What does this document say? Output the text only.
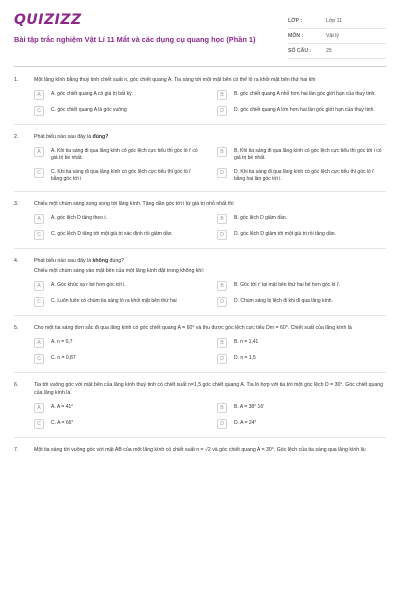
QUIZIZZ
Bài tập trắc nghiệm Vật Lí 11 Mắt và các dụng cụ quang học (Phần 1)
LỚP :	Lớp 11
MÔN :	Vật lý
SỐ CÂU :	25
1.	Một lăng kính bằng thuỷ tinh chiết suất n, góc chiết quang A. Tia sáng tới một mặt bên có thể ló ra khỏi mặt bên thứ hai khi
A	A. góc chiết quang A có giá trị bất kỳ.	B	B. góc chiết quang A nhỏ hơn hai lần góc giới hạn của thuỷ tinh.
C	C. góc chiết quang A là góc vuông	D	D. góc chiết quang A lớn hơn hai lần góc giới hạn của thuỷ tinh.
2.	Phát biểu nào sau đây là đúng?
A	A. Khi tia sáng đi qua lăng kính có góc lệch cực tiểu thì góc ló i' có giá trị bé nhất.
B	B. Khi tia sáng đi qua lăng kính có góc lệch cực tiểu thì góc tới i có giá trị bé nhất.
C	C. Khi tia sáng đi qua lăng kính có góc lệch cực tiểu thì góc ló i' bằng góc tới i
D	D. Khi tia sáng đi qua lăng kính có góc lệch cực tiểu thì góc ló i' bằng hai lần góc tới i.
3.	Chiếu một chùm sáng song song tới lăng kính. Tăng dần góc tới i từ giá trị nhỏ nhất thì
A	A. góc lệch D tăng theo i.	B	B. góc lệch D giảm dần.
C	C. góc lệch D tăng tới một giá trị xác định rồi giảm dần	D	D. góc lệch D giảm tới một giá trị rồi tăng dần.
4.	Phát biểu nào sau đây là không đúng?
Chiếu một chùm sáng vào mặt bên của một lăng kính đặt trong không khí:
A	A. Góc khúc xạ r bé hơn góc tới i.	B	B. Góc tới r' tại mặt bên thứ hai bé hơn góc ló i'.
C	C. Luôn luôn có chùm tia sáng ló ra khỏi mặt bên thứ hai	D	D. Chùm sáng bị lệch đi khi đi qua lăng kính.
5.	Cho một tia sáng đơn sắc đi qua lăng kính có góc chiết quang A = 60° và thu được góc lệch cực tiểu Dm = 60°. Chiết suất của lăng kính là
A	A. n = 0,7	B	B. n = 1,41
C	C. n = 0,87	D	D. n = 1,5
6.	Tia tới vuông góc với mặt bên của lăng kính thuỷ tinh có chiết suất n=1,5 góc chiết quang A. Tia ló hợp với tia tới một góc lệch D = 30°. Góc chiết quang của lăng kính là
A	A. A = 41°	B	B. A = 38° 16'
C	C. A = 66°	D	D. A = 24°
7.	Một tia sáng tới vuông góc với mặt AB của một lăng kính có chiết suất n = √2 và góc chiết quang A = 30°. Góc lệch của tia sáng qua lăng kính là:
